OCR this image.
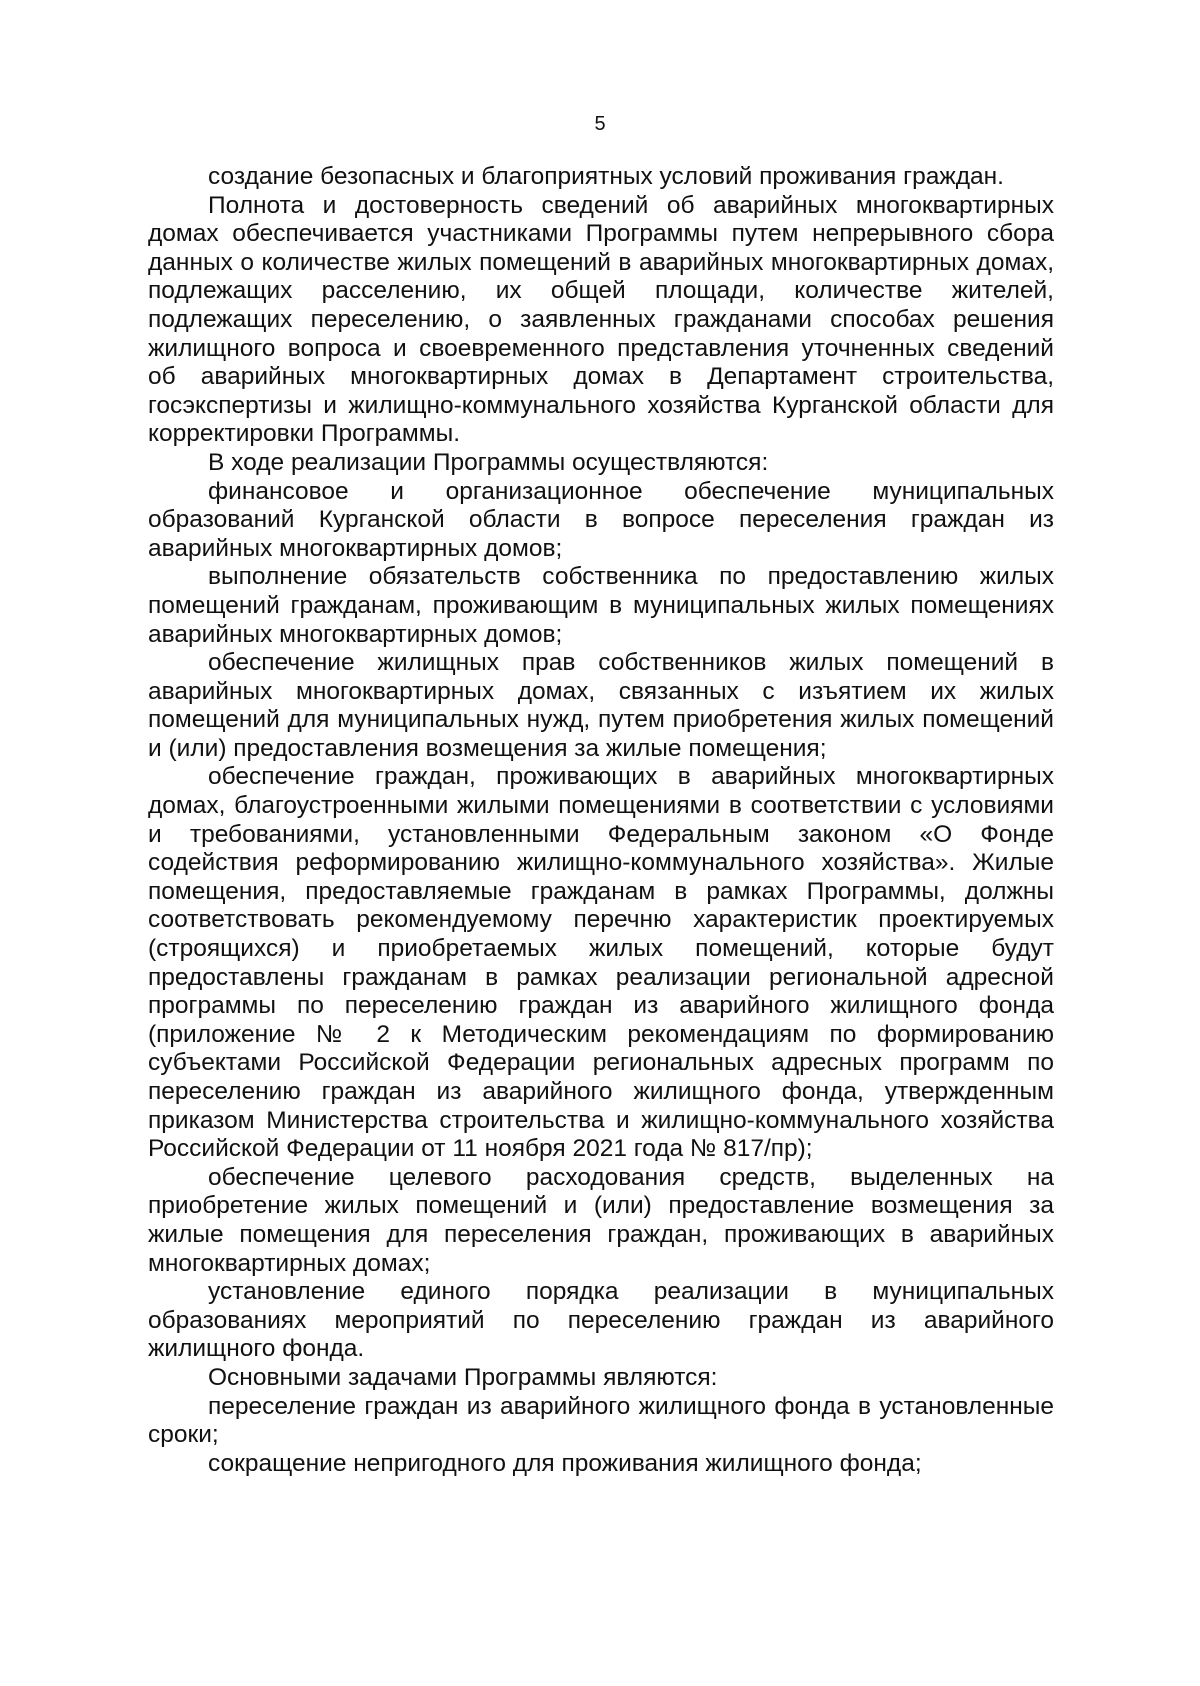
5

создание безопасных и благоприятных условий проживания граждан.

Полнота и достоверность сведений об аварийных многоквартирных домах обеспечивается участниками Программы путем непрерывного сбора данных о количестве жилых помещений в аварийных многоквартирных домах, подлежащих расселению, их общей площади, количестве жителей, подлежащих переселению, о заявленных гражданами способах решения жилищного вопроса и своевременного представления уточненных сведений об аварийных многоквартирных домах в Департамент строительства, госэкспертизы и жилищно-коммунального хозяйства Курганской области для корректировки Программы.

В ходе реализации Программы осуществляются:

финансовое и организационное обеспечение муниципальных образований Курганской области в вопросе переселения граждан из аварийных многоквартирных домов;

выполнение обязательств собственника по предоставлению жилых помещений гражданам, проживающим в муниципальных жилых помещениях аварийных многоквартирных домов;

обеспечение жилищных прав собственников жилых помещений в аварийных многоквартирных домах, связанных с изъятием их жилых помещений для муниципальных нужд, путем приобретения жилых помещений и (или) предоставления возмещения за жилые помещения;

обеспечение граждан, проживающих в аварийных многоквартирных домах, благоустроенными жилыми помещениями в соответствии с условиями и требованиями, установленными Федеральным законом «О Фонде содействия реформированию жилищно-коммунального хозяйства». Жилые помещения, предоставляемые гражданам в рамках Программы, должны соответствовать рекомендуемому перечню характеристик проектируемых (строящихся) и приобретаемых жилых помещений, которые будут предоставлены гражданам в рамках реализации региональной адресной программы по переселению граждан из аварийного жилищного фонда (приложение № 2 к Методическим рекомендациям по формированию субъектами Российской Федерации региональных адресных программ по переселению граждан из аварийного жилищного фонда, утвержденным приказом Министерства строительства и жилищно-коммунального хозяйства Российской Федерации от 11 ноября 2021 года № 817/пр);

обеспечение целевого расходования средств, выделенных на приобретение жилых помещений и (или) предоставление возмещения за жилые помещения для переселения граждан, проживающих в аварийных многоквартирных домах;

установление единого порядка реализации в муниципальных образованиях мероприятий по переселению граждан из аварийного жилищного фонда.

Основными задачами Программы являются:

переселение граждан из аварийного жилищного фонда в установленные сроки;

сокращение непригодного для проживания жилищного фонда;
